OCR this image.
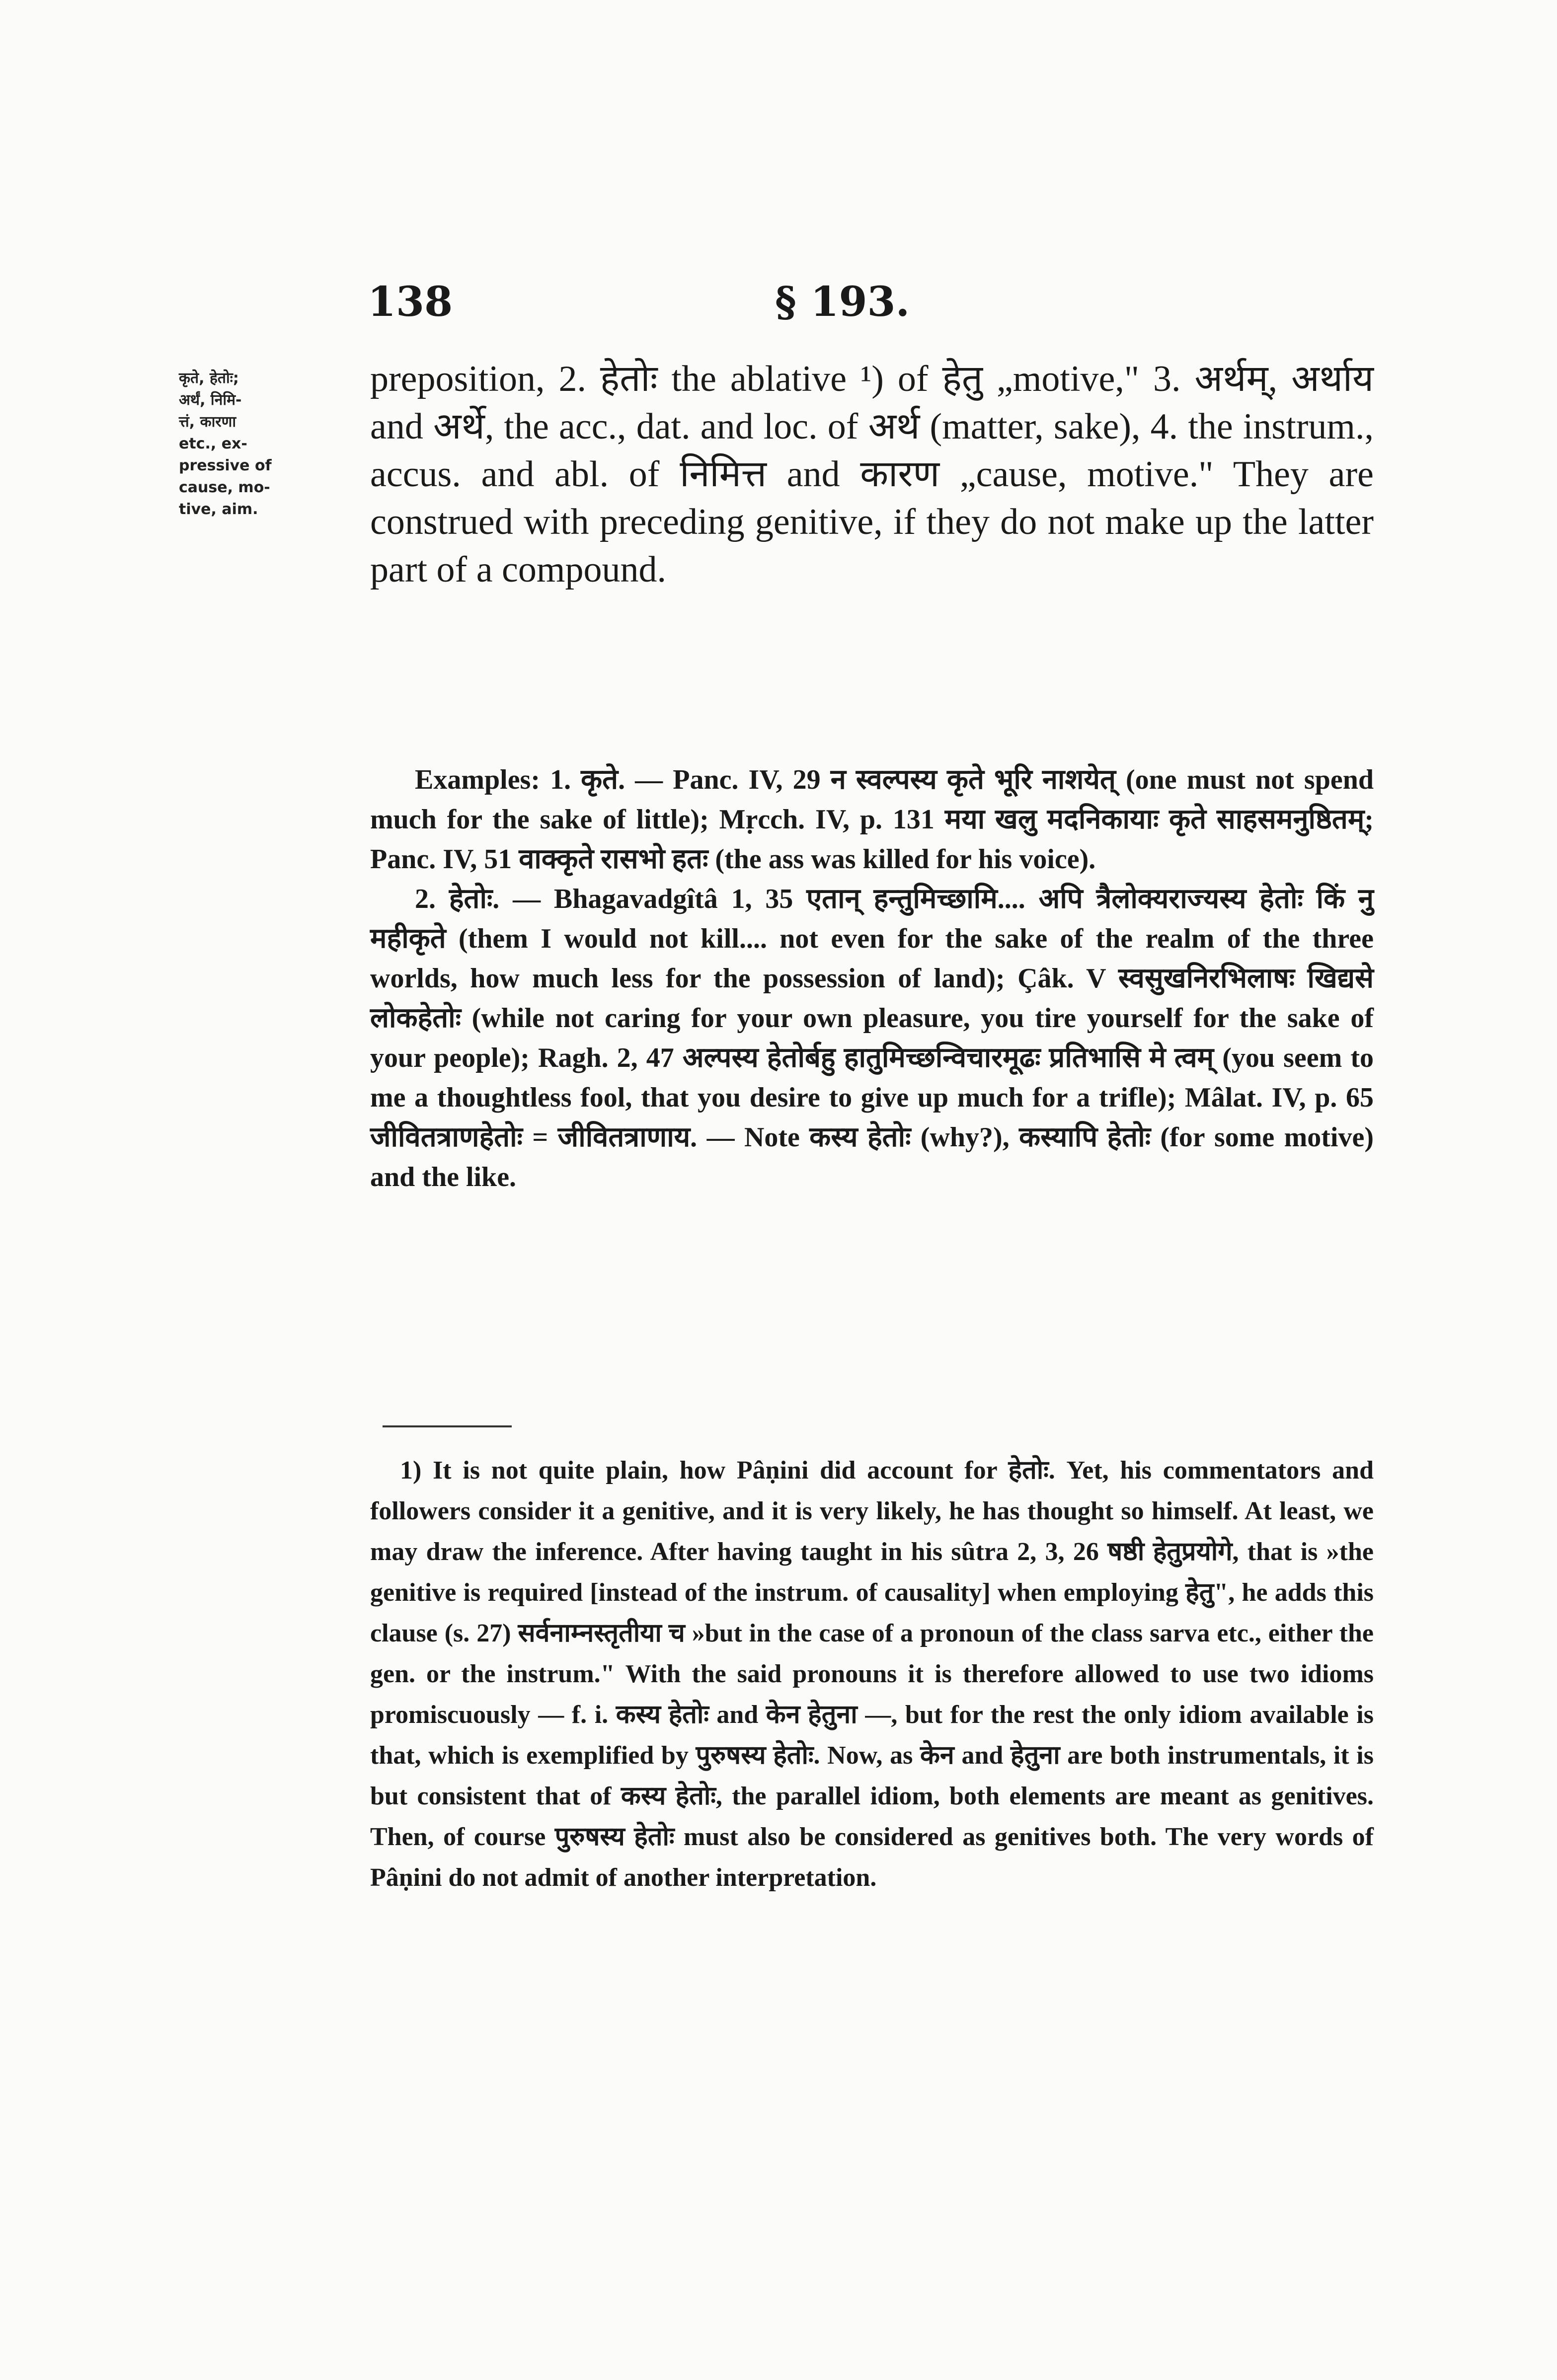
138	§ 193.
कृते, हेतोः;
अर्थं, निमि-
त्तं, कारणा
etc., ex-
pressive of
cause, mo-
tive, aim.

preposition, 2. हेतोः the ablative ¹) of हेतु „motive," 3. अर्थम्, अर्थाय and अर्थे, the acc., dat. and loc. of अर्थ (matter, sake), 4. the instrum., accus. and abl. of निमित्त and कारण „cause, motive." They are construed with preceding genitive, if they do not make up the latter part of a compound.

Examples: 1. कृते. — Panc. IV, 29 न स्वल्पस्य कृते भूरि नाशयेत् (one must not spend much for the sake of little); Mṛcch. IV, p. 131 मया खलु मदनिकायाः कृते साहसमनुष्ठितम्; Panc. IV, 51 वाक्कृते रासभो हतः (the ass was killed for his voice).

2. हेतोः. — Bhagavadgîtâ 1, 35 एतान् हन्तुमिच्छामि.... अपि त्रैलोक्यराज्यस्य हेतोः किं नु महीकृते (them I would not kill.... not even for the sake of the realm of the three worlds, how much less for the possession of land); Çâk. V स्वसुखनिरभिलाषः खिद्यसे लोकहेतोः (while not caring for your own pleasure, you tire yourself for the sake of your people); Ragh. 2, 47 अल्पस्य हेतोर्बहु हातुमिच्छन्विचारमूढः प्रतिभासि मे त्वम् (you seem to me a thoughtless fool, that you desire to give up much for a trifle); Mâlat. IV, p. 65 जीवितत्राणहेतोः = जीवितत्राणाय. — Note कस्य हेतोः (why?), कस्यापि हेतोः (for some motive) and the like.

1) It is not quite plain, how Pâṇini did account for हेतोः. Yet, his commentators and followers consider it a genitive, and it is very likely, he has thought so himself. At least, we may draw the inference. After having taught in his sûtra 2, 3, 26 षष्ठी हेतुप्रयोगे, that is »the genitive is required [instead of the instrum. of causality] when employing हेतु", he adds this clause (s. 27) सर्वनाम्नस्तृतीया च »but in the case of a pronoun of the class sarva etc., either the gen. or the instrum." With the said pronouns it is therefore allowed to use two idioms promiscuously — f. i. कस्य हेतोः and केन हेतुना —, but for the rest the only idiom available is that, which is exemplified by पुरुषस्य हेतोः. Now, as केन and हेतुना are both instrumentals, it is but consistent that of कस्य हेतोः, the parallel idiom, both elements are meant as genitives. Then, of course पुरुषस्य हेतोः must also be considered as genitives both. The very words of Pâṇini do not admit of another interpretation.
